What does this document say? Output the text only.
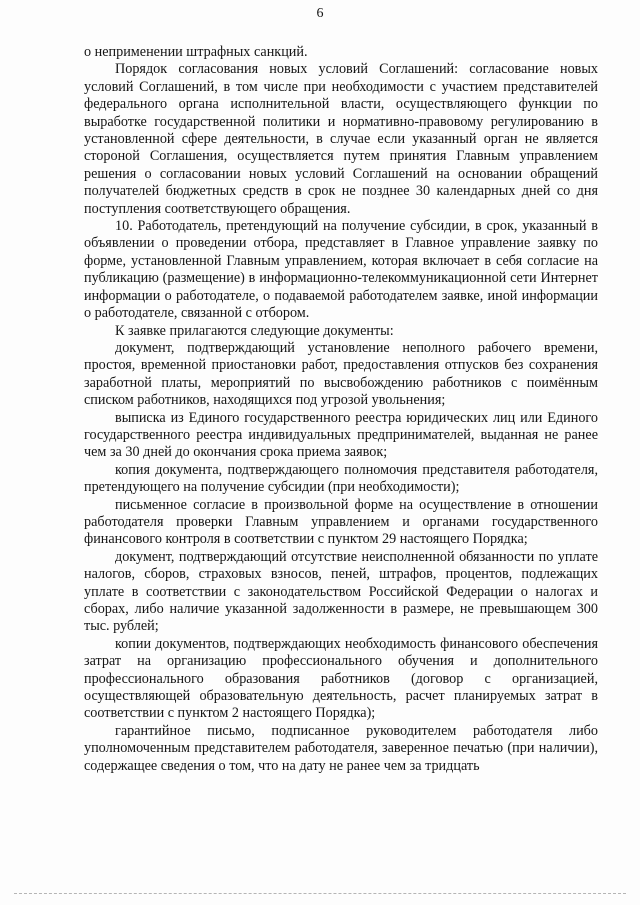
6

о неприменении штрафных санкций.

Порядок согласования новых условий Соглашений: согласование новых условий Соглашений, в том числе при необходимости с участием представителей федерального органа исполнительной власти, осуществляющего функции по выработке государственной политики и нормативно-правовому регулированию в установленной сфере деятельности, в случае если указанный орган не является стороной Соглашения, осуществляется путем принятия Главным управлением решения о согласовании новых условий Соглашений на основании обращений получателей бюджетных средств в срок не позднее 30 календарных дней со дня поступления соответствующего обращения.

10. Работодатель, претендующий на получение субсидии, в срок, указанный в объявлении о проведении отбора, представляет в Главное управление заявку по форме, установленной Главным управлением, которая включает в себя согласие на публикацию (размещение) в информационно-телекоммуникационной сети Интернет информации о работодателе, о подаваемой работодателем заявке, иной информации о работодателе, связанной с отбором.

К заявке прилагаются следующие документы:

документ, подтверждающий установление неполного рабочего времени, простоя, временной приостановки работ, предоставления отпусков без сохранения заработной платы, мероприятий по высвобождению работников с поимённым списком работников, находящихся под угрозой увольнения;

выписка из Единого государственного реестра юридических лиц или Единого государственного реестра индивидуальных предпринимателей, выданная не ранее чем за 30 дней до окончания срока приема заявок;

копия документа, подтверждающего полномочия представителя работодателя, претендующего на получение субсидии (при необходимости);

письменное согласие в произвольной форме на осуществление в отношении работодателя проверки Главным управлением и органами государственного финансового контроля в соответствии с пунктом 29 настоящего Порядка;

документ, подтверждающий отсутствие неисполненной обязанности по уплате налогов, сборов, страховых взносов, пеней, штрафов, процентов, подлежащих уплате в соответствии с законодательством Российской Федерации о налогах и сборах, либо наличие указанной задолженности в размере, не превышающем 300 тыс. рублей;

копии документов, подтверждающих необходимость финансового обеспечения затрат на организацию профессионального обучения и дополнительного профессионального образования работников (договор с организацией, осуществляющей образовательную деятельность, расчет планируемых затрат в соответствии с пунктом 2 настоящего Порядка);

гарантийное письмо, подписанное руководителем работодателя либо уполномоченным представителем работодателя, заверенное печатью (при наличии), содержащее сведения о том, что на дату не ранее чем за тридцать
